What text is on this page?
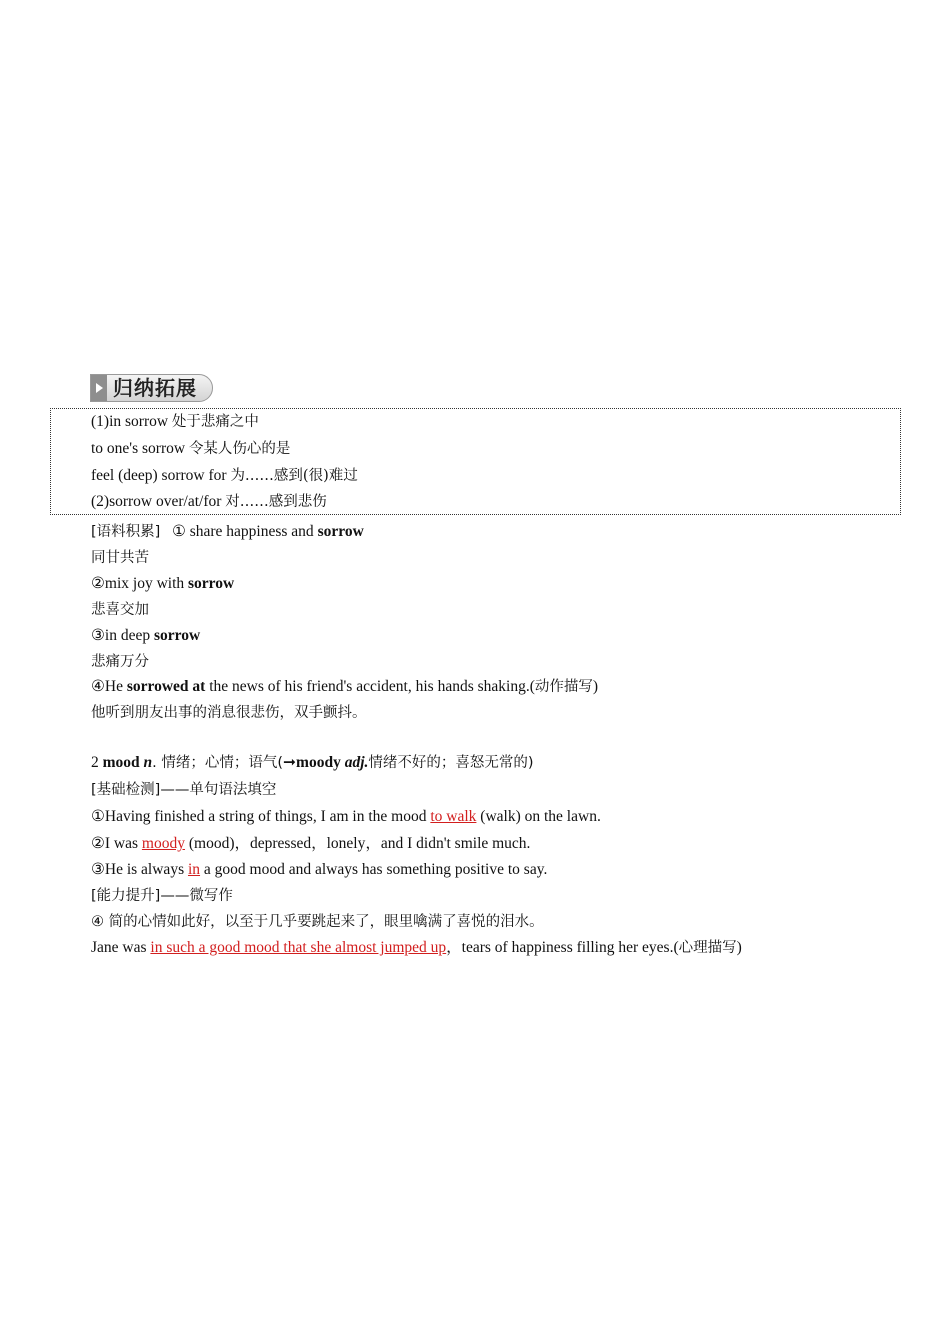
归纳拓展
(1)in sorrow 处于悲痛之中
to one's sorrow 令某人伤心的是
feel (deep) sorrow for 为……感到(很)难过
(2)sorrow over/at/for 对……感到悲伤
[语料积累] ① share happiness and sorrow
同甘共苦
②mix joy with sorrow
悲喜交加
③in deep sorrow
悲痛万分
④He sorrowed at the news of his friend's accident, his hands shaking.(动作描写)
他听到朋友出事的消息很悲伤，双手颤抖。
2 mood n. 情绪；心情；语气(➞moody adj.情绪不好的；喜怒无常的)
[基础检测]——单句语法填空
①Having finished a string of things, I am in the mood to walk (walk) on the lawn.
②I was moody (mood)，depressed，lonely，and I didn't smile much.
③He is always in a good mood and always has something positive to say.
[能力提升]——微写作
④ 简的心情如此好，以至于几乎要跳起来了，眼里噙满了喜悦的泪水。
Jane was in such a good mood that she almost jumped up，tears of happiness filling her eyes.(心理描写)
